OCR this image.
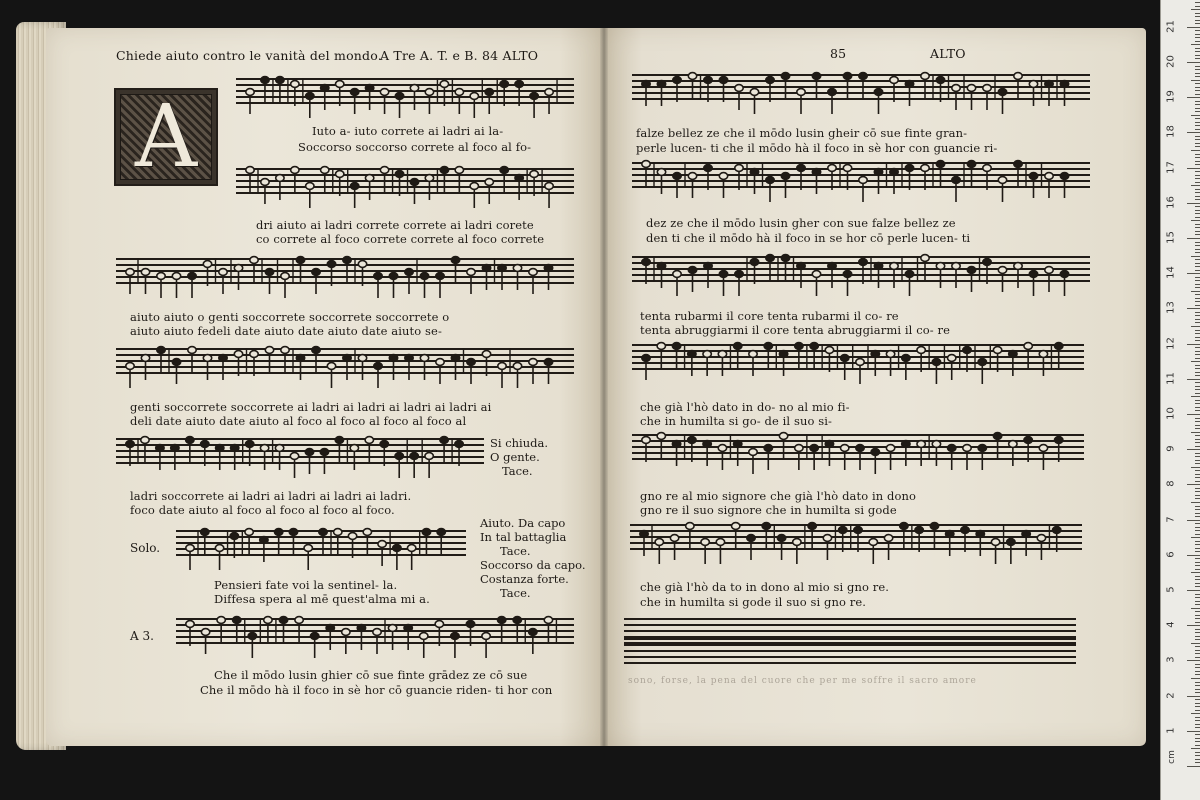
Chiede aiuto contro le vanità del mondo.
A Tre A. T. e B. 84 ALTO
A	Iuto a- iuto correte ai ladri ai la-
Soccorso soccorso correte al foco al fo-
dri aiuto ai ladri correte correte ai ladri corete
co correte al foco correte correte al foco correte
aiuto aiuto o genti soccorrete soccorrete soccorrete o
aiuto aiuto fedeli date aiuto date aiuto date aiuto se-
genti soccorrete soccorrete ai ladri ai ladri ai ladri ai ladri ai
deli date aiuto date aiuto al foco al foco al foco al foco al
Si chiuda.
O gente.
Tace.
ladri soccorrete ai ladri ai ladri ai ladri ai ladri.
foco date aiuto al foco al foco al foco al foco.
Solo.
Aiuto. Da capo
In tal battaglia
Tace.
Soccorso da capo.
Costanza forte.
Tace.
Pensieri fate voi la sentinel- la.
Diffesa spera al mē quest'alma mi a.
A 3.
Che il mōdo lusin ghier cō sue finte grādez ze cō sue
Che il mōdo hà il foco in sè hor cō guancie riden- ti hor con
85	ALTO
falze bellez ze che il mōdo lusin gheir cō sue finte gran-
perle lucen- ti che il mōdo hà il foco in sè hor con guancie ri-
dez ze che il mōdo lusin gher con sue falze bellez ze
den ti che il mōdo hà il foco in se hor cō perle lucen- ti
tenta rubarmi il core tenta rubarmi il co- re
tenta abruggiarmi il core tenta abruggiarmi il co- re
che già l'hò dato in do- no al mio fi-
che in humilta si go- de il suo si-
gno re al mio signore che già l'hò dato in dono
gno re il suo signore che in humilta si gode
che già l'hò da to in dono al mio si gno re.
che in humilta si gode il suo si gno re.
sono, forse, la pena del cuore che per me soffre il sacro amore
1
2
3
4
5
6
7
8
9
10
11
12
13
14
15
16
17
18
19
20
21
cm
